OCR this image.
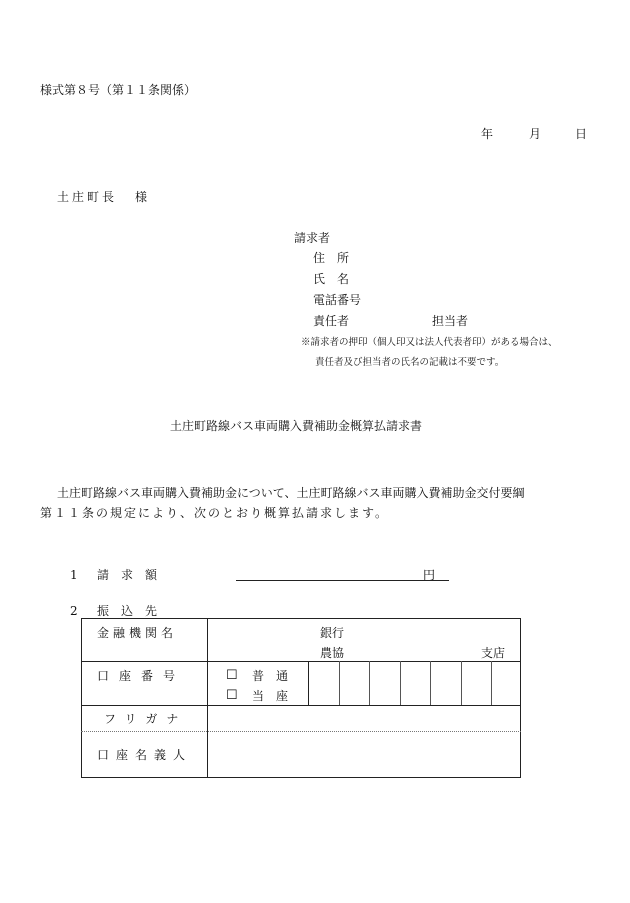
様式第８号（第１１条関係）
年	月	日
土庄町長 様
請求者
住　所
氏　名
電話番号
責任者	担当者
※請求者の押印（個人印又は法人代表者印）がある場合は、
責任者及び担当者の氏名の記載は不要です。
土庄町路線バス車両購入費補助金概算払請求書
土庄町路線バス車両購入費補助金について、土庄町路線バス車両購入費補助金交付要綱
第１１条の規定により、次のとおり概算払請求します。
1 請　求　額	円
2 振　込　先
金融機関名	銀行
農協	支店
口座番号	☐ 普　通
☐ 当　座
フリガナ
口座名義人
